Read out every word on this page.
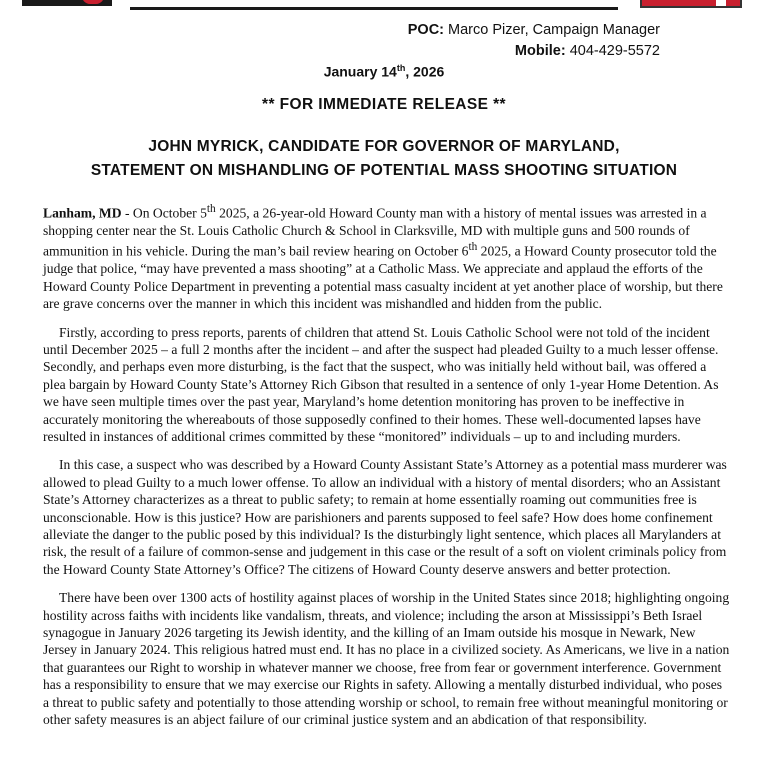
POC: Marco Pizer, Campaign Manager
Mobile: 404-429-5572
January 14th, 2026
** FOR IMMEDIATE RELEASE **
JOHN MYRICK, CANDIDATE FOR GOVERNOR OF MARYLAND,
STATEMENT ON MISHANDLING OF POTENTIAL MASS SHOOTING SITUATION

Lanham, MD - On October 5th 2025, a 26-year-old Howard County man with a history of mental issues was arrested in a shopping center near the St. Louis Catholic Church & School in Clarksville, MD with multiple guns and 500 rounds of ammunition in his vehicle. During the man’s bail review hearing on October 6th 2025, a Howard County prosecutor told the judge that police, “may have prevented a mass shooting” at a Catholic Mass. We appreciate and applaud the efforts of the Howard County Police Department in preventing a potential mass casualty incident at yet another place of worship, but there are grave concerns over the manner in which this incident was mishandled and hidden from the public.

Firstly, according to press reports, parents of children that attend St. Louis Catholic School were not told of the incident until December 2025 – a full 2 months after the incident – and after the suspect had pleaded Guilty to a much lesser offense. Secondly, and perhaps even more disturbing, is the fact that the suspect, who was initially held without bail, was offered a plea bargain by Howard County State’s Attorney Rich Gibson that resulted in a sentence of only 1-year Home Detention. As we have seen multiple times over the past year, Maryland’s home detention monitoring has proven to be ineffective in accurately monitoring the whereabouts of those supposedly confined to their homes. These well-documented lapses have resulted in instances of additional crimes committed by these “monitored” individuals – up to and including murders.

In this case, a suspect who was described by a Howard County Assistant State’s Attorney as a potential mass murderer was allowed to plead Guilty to a much lower offense. To allow an individual with a history of mental disorders; who an Assistant State’s Attorney characterizes as a threat to public safety; to remain at home essentially roaming out communities free is unconscionable. How is this justice? How are parishioners and parents supposed to feel safe? How does home confinement alleviate the danger to the public posed by this individual? Is the disturbingly light sentence, which places all Marylanders at risk, the result of a failure of common-sense and judgement in this case or the result of a soft on violent criminals policy from the Howard County State Attorney’s Office? The citizens of Howard County deserve answers and better protection.

There have been over 1300 acts of hostility against places of worship in the United States since 2018; highlighting ongoing hostility across faiths with incidents like vandalism, threats, and violence; including the arson at Mississippi’s Beth Israel synagogue in January 2026 targeting its Jewish identity, and the killing of an Imam outside his mosque in Newark, New Jersey in January 2024. This religious hatred must end. It has no place in a civilized society. As Americans, we live in a nation that guarantees our Right to worship in whatever manner we choose, free from fear or government interference. Government has a responsibility to ensure that we may exercise our Rights in safety. Allowing a mentally disturbed individual, who poses a threat to public safety and potentially to those attending worship or school, to remain free without meaningful monitoring or other safety measures is an abject failure of our criminal justice system and an abdication of that responsibility.
